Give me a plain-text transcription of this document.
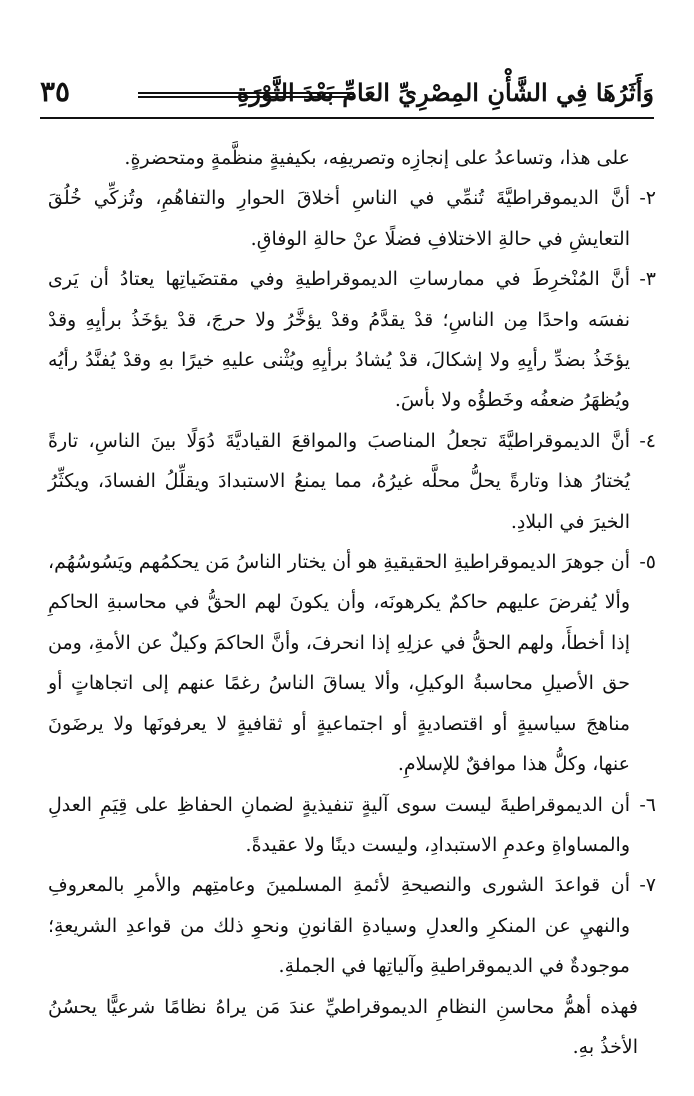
وَأَثَرُهَا فِي الشَّأْنِ المِصْرِيِّ العَامِّ بَعْدَ الثَّوْرَةِ
٣٥

على هذا، وتساعدُ على إنجازِه وتصريفِه، بكيفيةٍ منظَّمةٍ ومتحضرةٍ.

٢-
أنَّ الديموقراطيَّةَ تُنمِّي في الناسِ أخلاقَ الحوارِ والتفاهُمِ، وتُزكِّي خُلُقَ التعايشِ في حالةِ الاختلافِ فضلًا عنْ حالةِ الوفاقِ.
٣-
أنَّ المُنْخرِطَ في ممارساتِ الديموقراطيةِ وفي مقتضَياتِها يعتادُ أن يَرى نفسَه واحدًا مِن الناسِ؛ قدْ يقدَّمُ وقدْ يؤخَّرُ ولا حرجَ، قدْ يؤخَذُ برأيِهِ وقدْ يؤخَذُ بضدِّ رأيِهِ ولا إشكالَ، قدْ يُشادُ برأيِهِ ويُثْنى عليهِ خيرًا بهِ وقدْ يُفنَّدُ رأيُه ويُظهَرُ ضعفُه وخَطؤُه ولا بأسَ.
٤-
أنَّ الديموقراطيَّةَ تجعلُ المناصبَ والمواقعَ القياديَّةَ دُوَلًا بينَ الناسِ، تارةً يُختارُ هذا وتارةً يحلُّ محلَّه غيرُهُ، مما يمنعُ الاستبدادَ ويقلِّلُ الفسادَ، ويكثِّرُ الخيرَ في البلادِ.
٥-
أن جوهرَ الديموقراطيةِ الحقيقيةِ هو أن يختار الناسُ مَن يحكمُهم ويَسُوسُهُم، وألا يُفرضَ عليهم حاكمٌ يكرهونَه، وأن يكونَ لهم الحقُّ في محاسبةِ الحاكمِ إذا أخطأَ، ولهم الحقُّ في عزلِهِ إذا انحرفَ، وأنَّ الحاكمَ وكيلٌ عن الأمةِ، ومن حق الأصيلِ محاسبةُ الوكيلِ، وألا يساقَ الناسُ رغمًا عنهم إلى اتجاهاتٍ أو مناهجَ سياسيةٍ أو اقتصاديةٍ أو اجتماعيةٍ أو ثقافيةٍ لا يعرفونَها ولا يرضَونَ عنها، وكلُّ هذا موافقٌ للإسلامِ.
٦-
أن الديموقراطيةَ ليست سوى آليةٍ تنفيذيةٍ لضمانِ الحفاظِ على قِيَمِ العدلِ والمساواةِ وعدمِ الاستبدادِ، وليست دينًا ولا عقيدةً.
٧-
أن قواعدَ الشورى والنصيحةِ لأئمةِ المسلمينَ وعامتِهم والأمرِ بالمعروفِ والنهيِ عن المنكرِ والعدلِ وسيادةِ القانونِ ونحوِ ذلك من قواعدِ الشريعةِ؛ موجودةٌ في الديموقراطيةِ وآلياتِها في الجملةِ.

فهذه أهمُّ محاسنِ النظامِ الديموقراطيِّ عندَ مَن يراهُ نظامًا شرعيًّا يحسُنُ الأخذُ بهِ.
